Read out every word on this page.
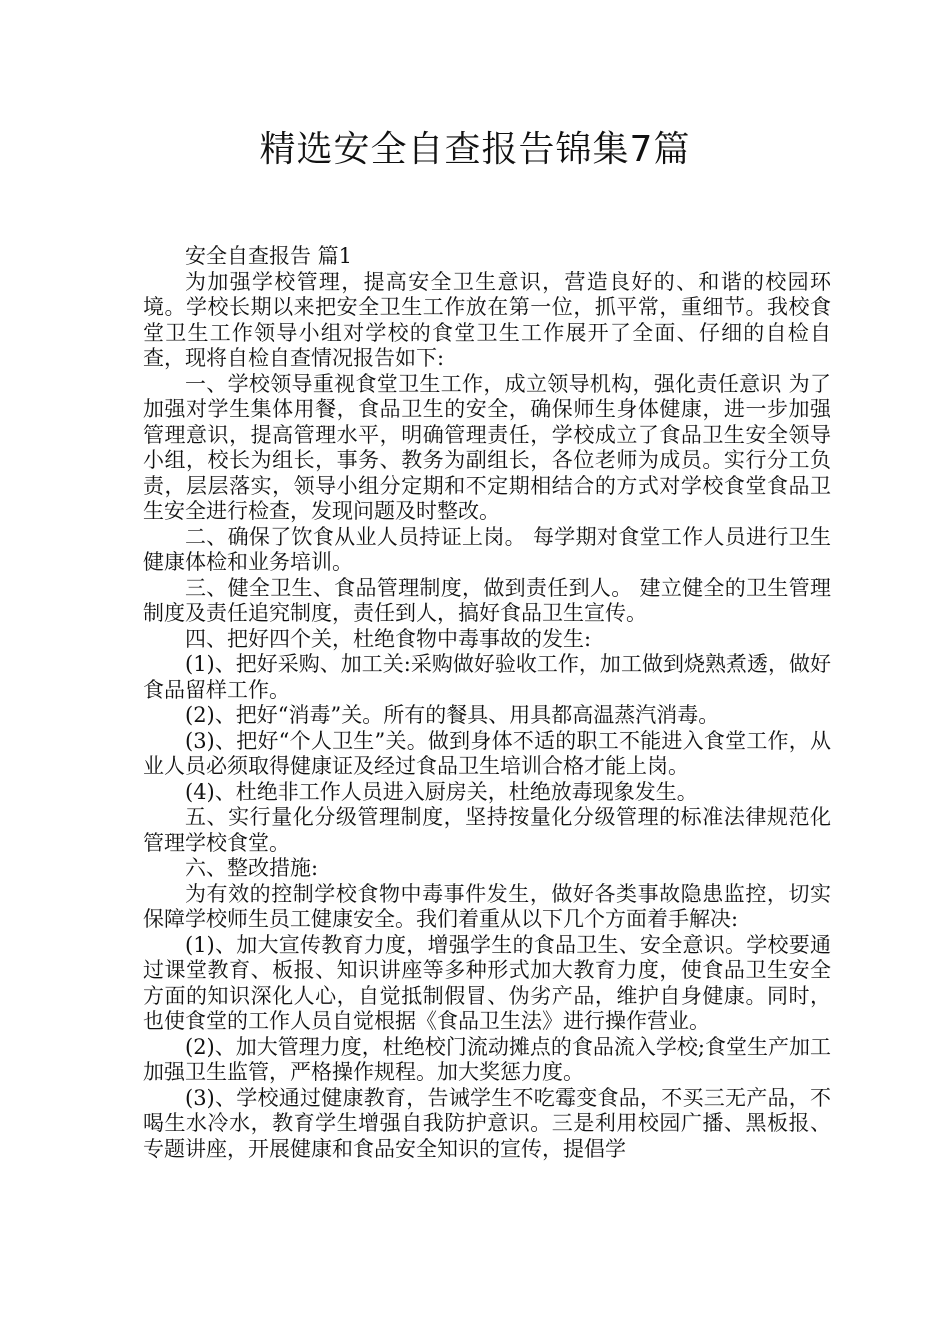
精选安全自查报告锦集7篇

安全自查报告 篇1

为加强学校管理，提高安全卫生意识，营造良好的、和谐的校园环境。学校长期以来把安全卫生工作放在第一位，抓平常，重细节。我校食堂卫生工作领导小组对学校的食堂卫生工作展开了全面、仔细的自检自查，现将自检自查情况报告如下:

一、学校领导重视食堂卫生工作，成立领导机构，强化责任意识 为了加强对学生集体用餐，食品卫生的安全，确保师生身体健康，进一步加强管理意识，提高管理水平，明确管理责任，学校成立了食品卫生安全领导小组，校长为组长，事务、教务为副组长，各位老师为成员。实行分工负责，层层落实，领导小组分定期和不定期相结合的方式对学校食堂食品卫生安全进行检查，发现问题及时整改。

二、确保了饮食从业人员持证上岗。 每学期对食堂工作人员进行卫生健康体检和业务培训。

三、健全卫生、食品管理制度，做到责任到人。 建立健全的卫生管理制度及责任追究制度，责任到人，搞好食品卫生宣传。

四、把好四个关，杜绝食物中毒事故的发生:

(1)、把好采购、加工关:采购做好验收工作，加工做到烧熟煮透，做好食品留样工作。

(2)、把好“消毒”关。所有的餐具、用具都高温蒸汽消毒。

(3)、把好“个人卫生”关。做到身体不适的职工不能进入食堂工作，从业人员必须取得健康证及经过食品卫生培训合格才能上岗。

(4)、杜绝非工作人员进入厨房关，杜绝放毒现象发生。

五、实行量化分级管理制度，坚持按量化分级管理的标准法律规范化管理学校食堂。

六、整改措施:

为有效的控制学校食物中毒事件发生，做好各类事故隐患监控，切实保障学校师生员工健康安全。我们着重从以下几个方面着手解决:

(1)、加大宣传教育力度，增强学生的食品卫生、安全意识。学校要通过课堂教育、板报、知识讲座等多种形式加大教育力度，使食品卫生安全方面的知识深化人心，自觉抵制假冒、伪劣产品，维护自身健康。同时，也使食堂的工作人员自觉根据《食品卫生法》进行操作营业。

(2)、加大管理力度，杜绝校门流动摊点的食品流入学校;食堂生产加工加强卫生监管，严格操作规程。加大奖惩力度。

(3)、学校通过健康教育，告诫学生不吃霉变食品，不买三无产品，不喝生水冷水，教育学生增强自我防护意识。三是利用校园广播、黑板报、专题讲座，开展健康和食品安全知识的宣传，提倡学
